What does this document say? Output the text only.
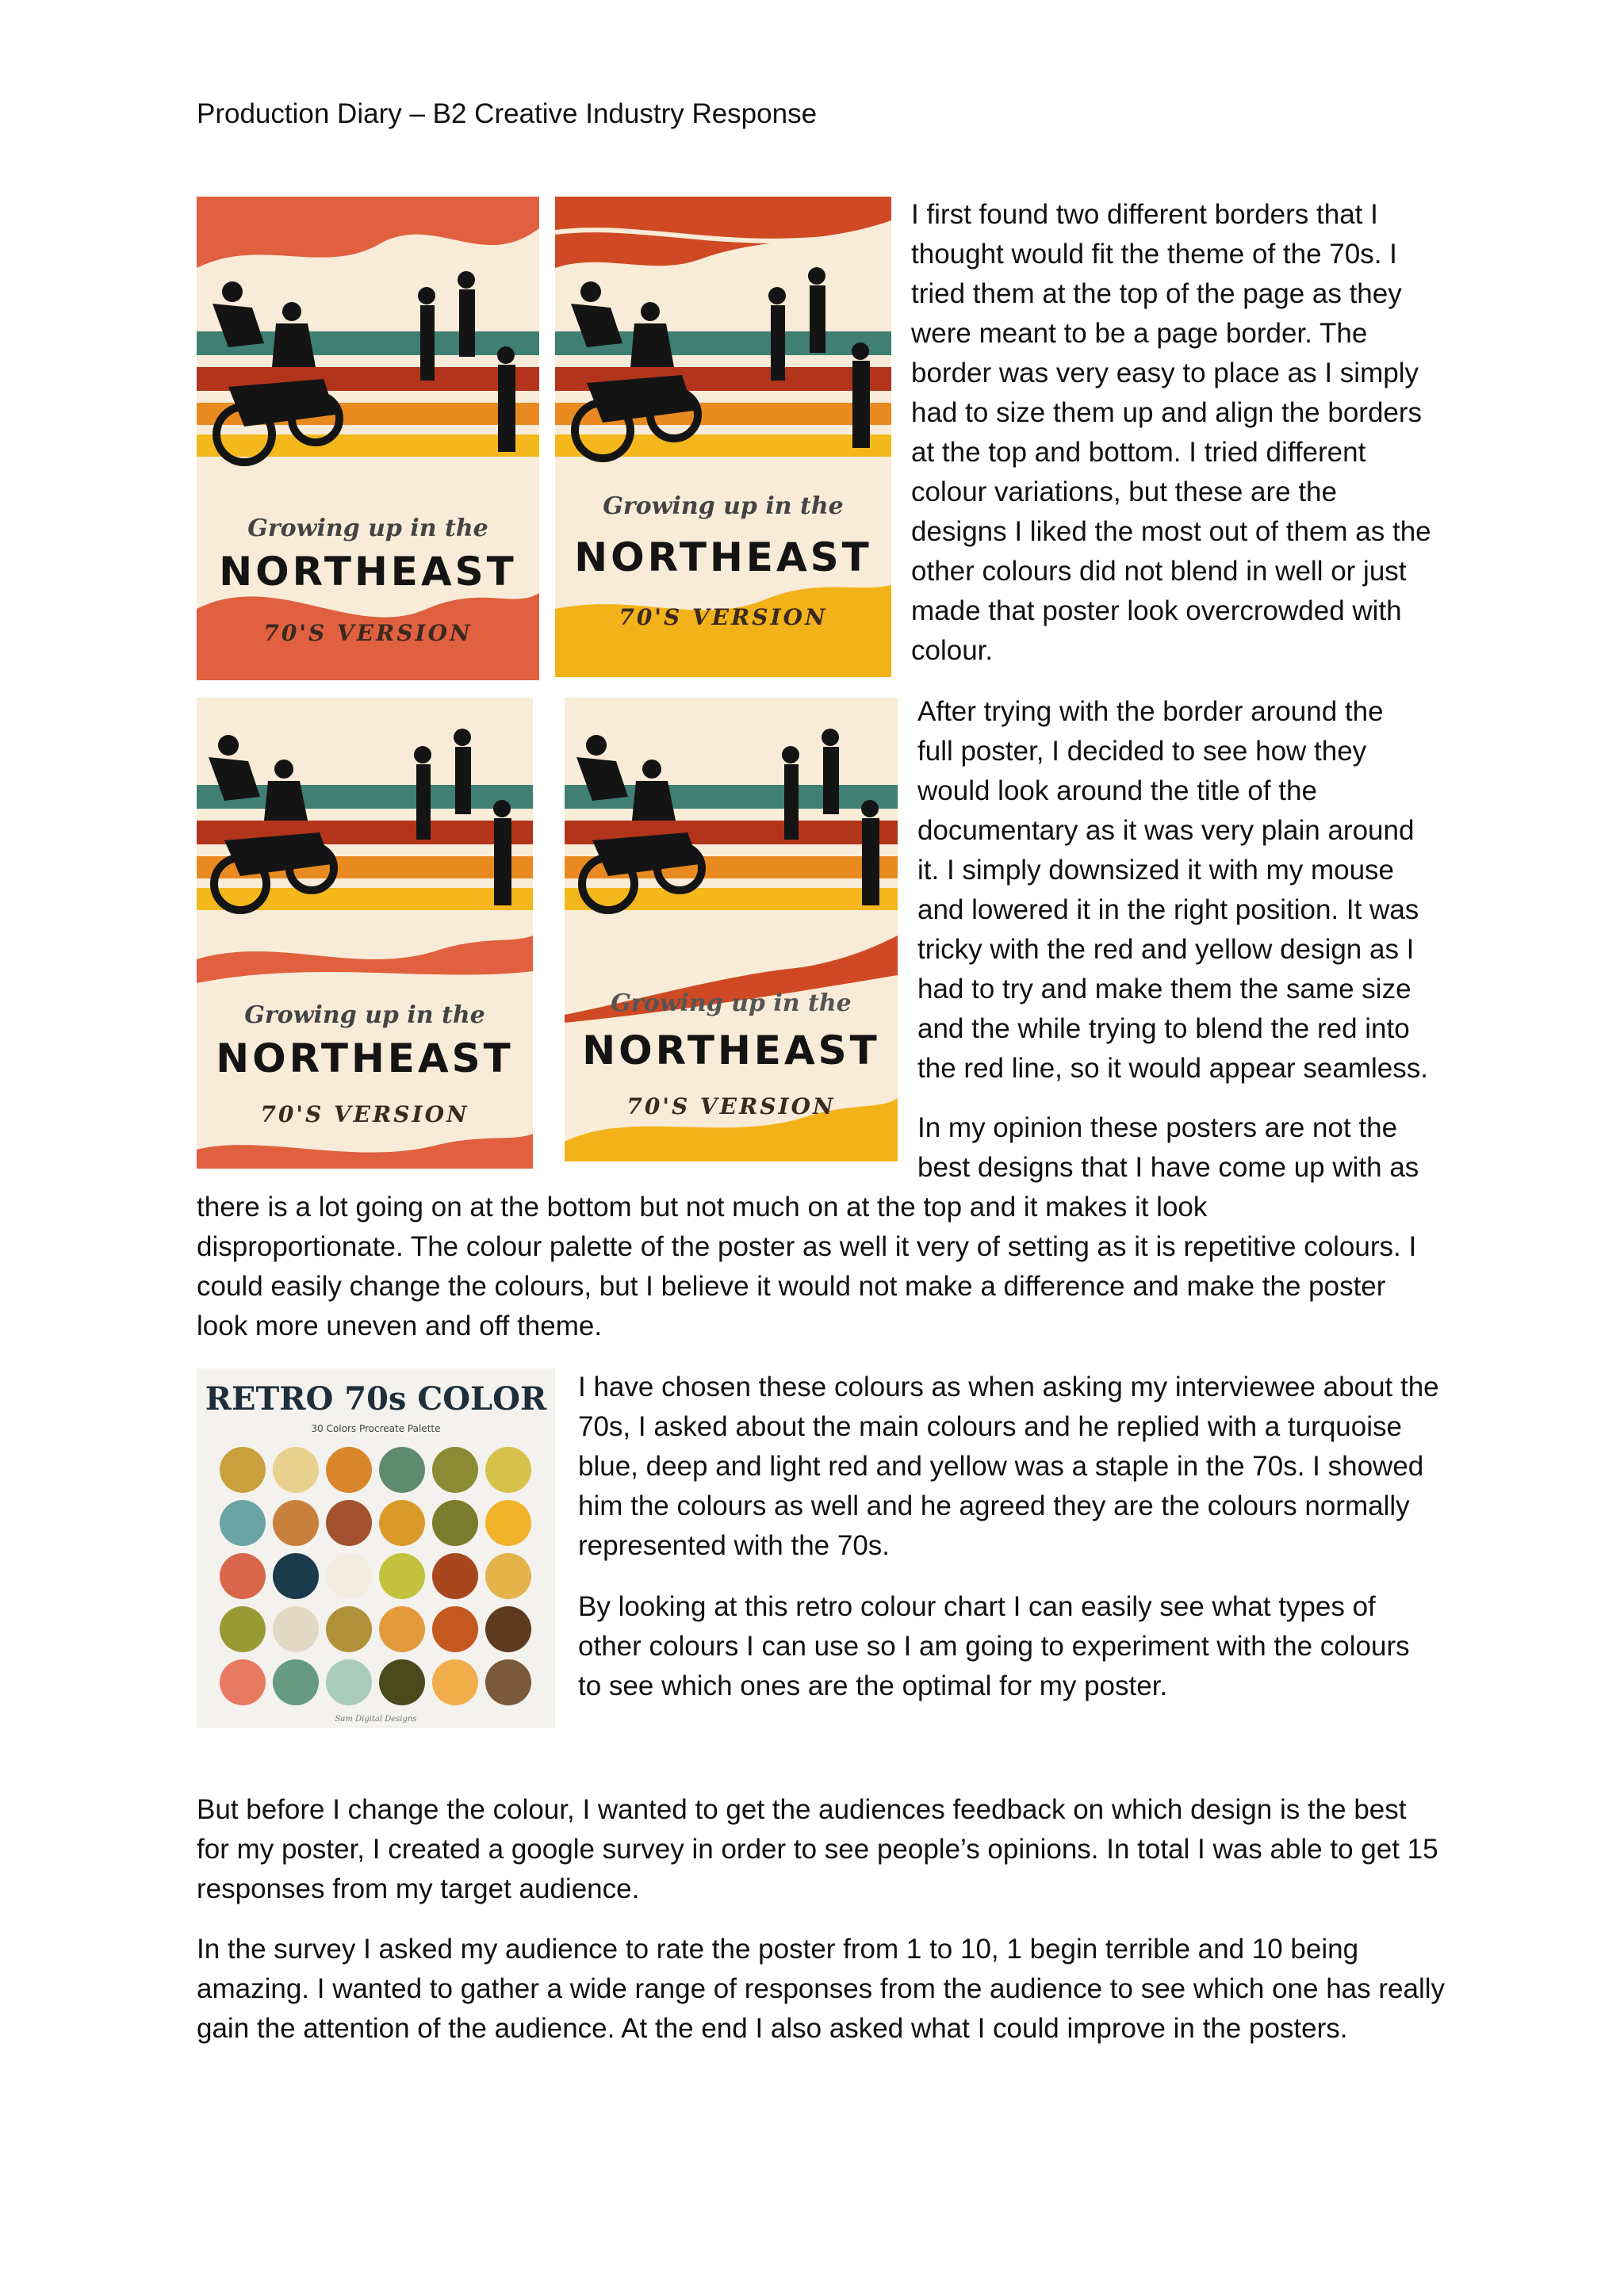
Production Diary – B2 Creative Industry Response
Growing up in the
NORTHEAST
70'S VERSION
Growing up in the
NORTHEAST
70'S VERSION
Growing up in the
NORTHEAST
70'S VERSION
Growing up in the
NORTHEAST
70'S VERSION
RETRO 70s COLOR
30 Colors Procreate Palette
Sam Digital Designs

I first found two different borders that I
thought would fit the theme of the 70s. I
tried them at the top of the page as they
were meant to be a page border. The
border was very easy to place as I simply
had to size them up and align the borders
at the top and bottom. I tried different
colour variations, but these are the
designs I liked the most out of them as the
other colours did not blend in well or just
made that poster look overcrowded with
colour.

After trying with the border around the
full poster, I decided to see how they
would look around the title of the
documentary as it was very plain around
it. I simply downsized it with my mouse
and lowered it in the right position. It was
tricky with the red and yellow design as I
had to try and make them the same size
and the while trying to blend the red into
the red line, so it would appear seamless.

In my opinion these posters are not the
best designs that I have come up with as

there is a lot going on at the bottom but not much on at the top and it makes it look
disproportionate. The colour palette of the poster as well it very of setting as it is repetitive colours. I
could easily change the colours, but I believe it would not make a difference and make the poster
look more uneven and off theme.

I have chosen these colours as when asking my interviewee about the
70s, I asked about the main colours and he replied with a turquoise
blue, deep and light red and yellow was a staple in the 70s. I showed
him the colours as well and he agreed they are the colours normally
represented with the 70s.

By looking at this retro colour chart I can easily see what types of
other colours I can use so I am going to experiment with the colours
to see which ones are the optimal for my poster.

But before I change the colour, I wanted to get the audiences feedback on which design is the best
for my poster, I created a google survey in order to see people’s opinions. In total I was able to get 15
responses from my target audience.

In the survey I asked my audience to rate the poster from 1 to 10, 1 begin terrible and 10 being
amazing. I wanted to gather a wide range of responses from the audience to see which one has really
gain the attention of the audience. At the end I also asked what I could improve in the posters.
